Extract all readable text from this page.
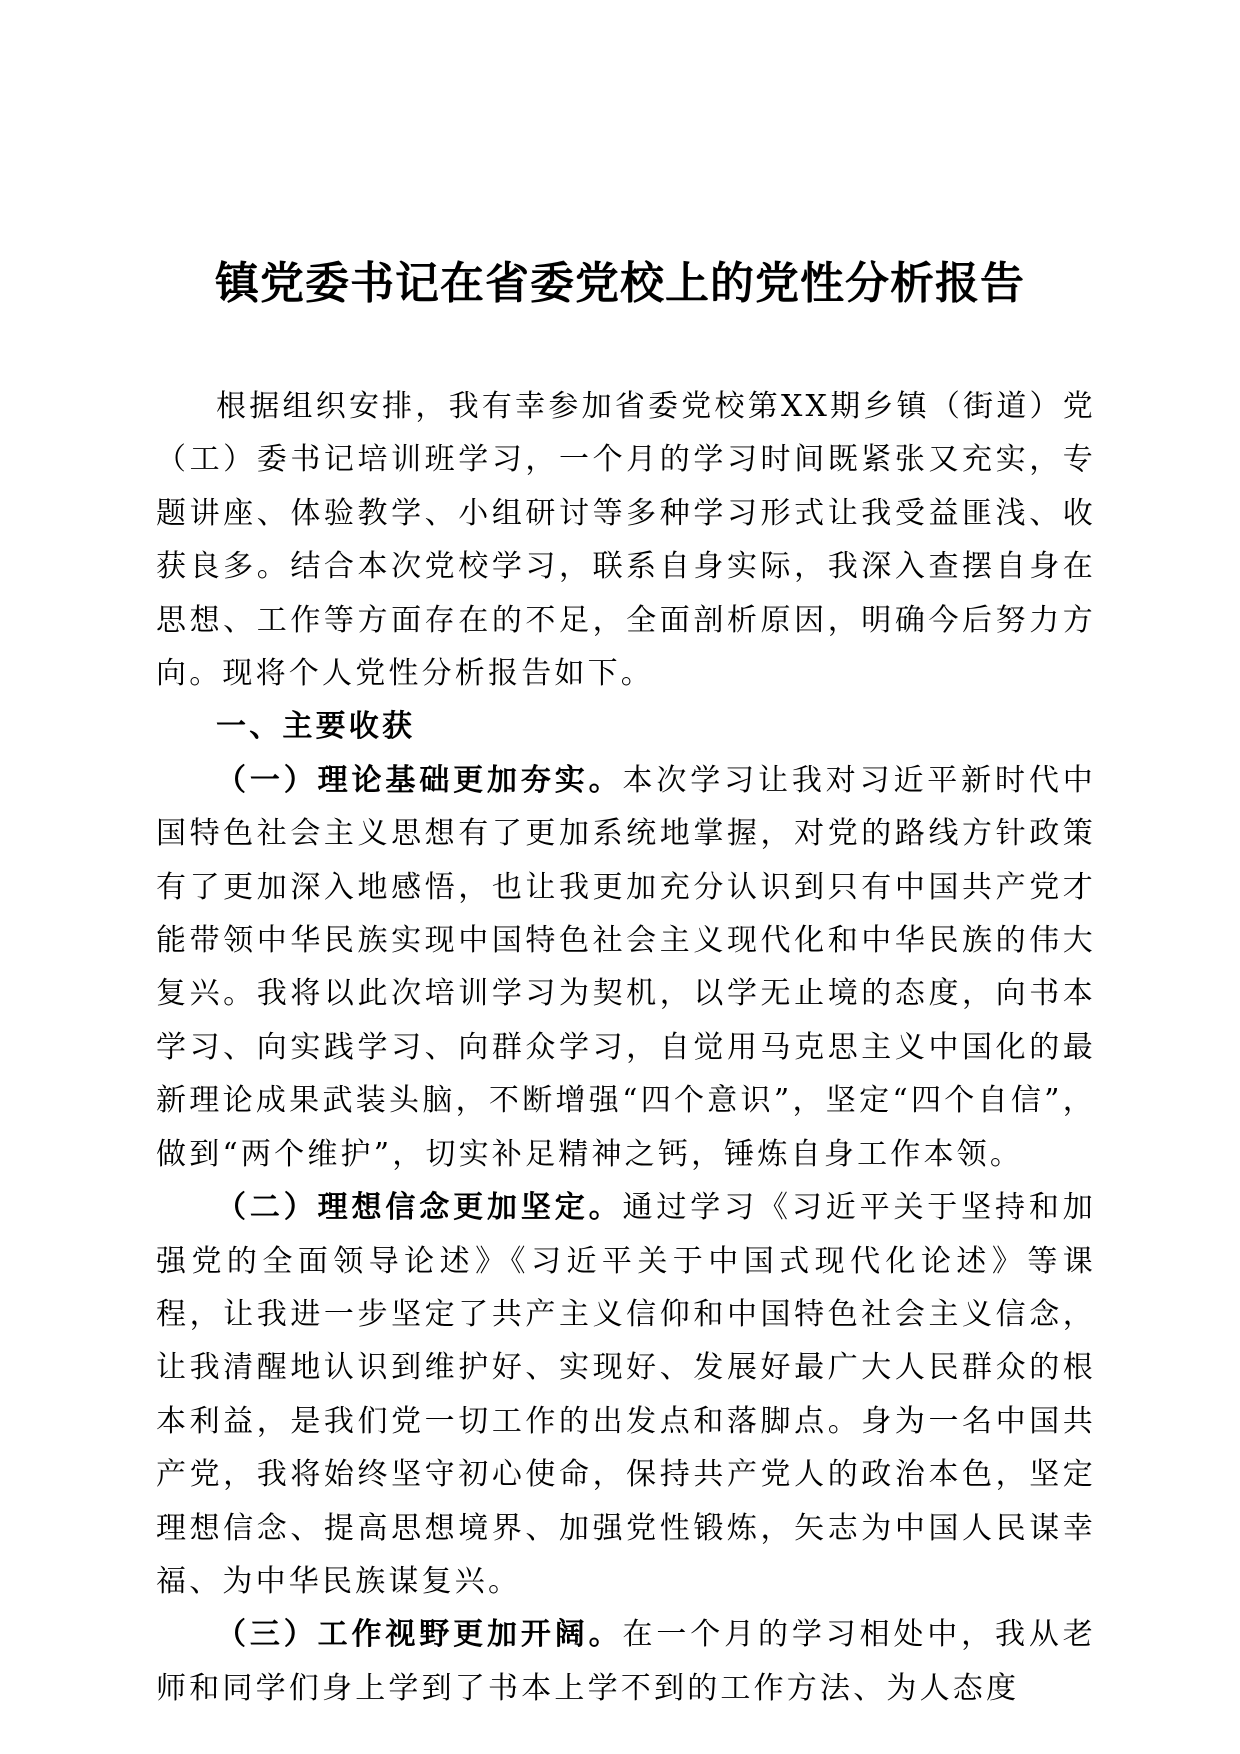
镇党委书记在省委党校上的党性分析报告

根据组织安排，我有幸参加省委党校第XX期乡镇（街道）党（工）委书记培训班学习，一个月的学习时间既紧张又充实，专题讲座、体验教学、小组研讨等多种学习形式让我受益匪浅、收获良多。结合本次党校学习，联系自身实际，我深入查摆自身在思想、工作等方面存在的不足，全面剖析原因，明确今后努力方向。现将个人党性分析报告如下。

一、主要收获

（一）理论基础更加夯实。本次学习让我对习近平新时代中国特色社会主义思想有了更加系统地掌握，对党的路线方针政策有了更加深入地感悟，也让我更加充分认识到只有中国共产党才能带领中华民族实现中国特色社会主义现代化和中华民族的伟大复兴。我将以此次培训学习为契机，以学无止境的态度，向书本学习、向实践学习、向群众学习，自觉用马克思主义中国化的最新理论成果武装头脑，不断增强“四个意识”，坚定“四个自信”，做到“两个维护”，切实补足精神之钙，锤炼自身工作本领。

（二）理想信念更加坚定。通过学习《习近平关于坚持和加强党的全面领导论述》《习近平关于中国式现代化论述》等课程，让我进一步坚定了共产主义信仰和中国特色社会主义信念，让我清醒地认识到维护好、实现好、发展好最广大人民群众的根本利益，是我们党一切工作的出发点和落脚点。身为一名中国共产党，我将始终坚守初心使命，保持共产党人的政治本色，坚定理想信念、提高思想境界、加强党性锻炼，矢志为中国人民谋幸福、为中华民族谋复兴。

（三）工作视野更加开阔。在一个月的学习相处中，我从老师和同学们身上学到了书本上学不到的工作方法、为人态度
